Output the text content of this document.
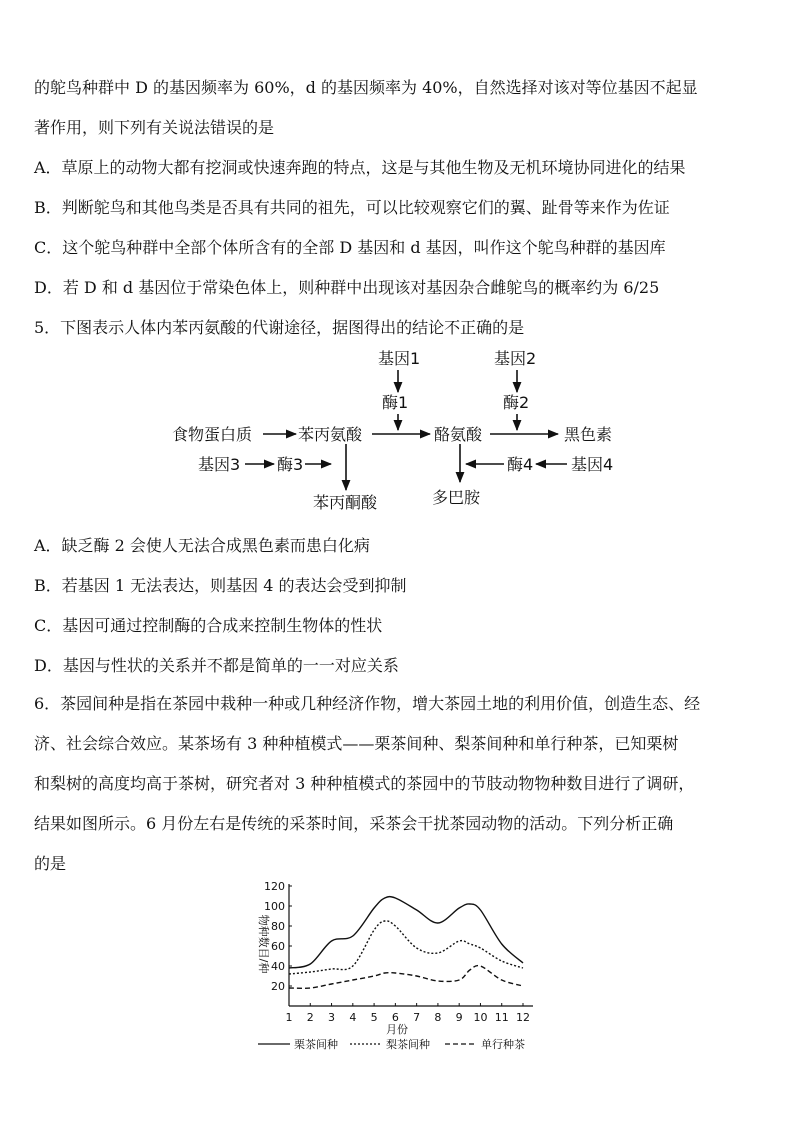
的鸵鸟种群中 D 的基因频率为 60%，d 的基因频率为 40%，自然选择对该对等位基因不起显
著作用，则下列有关说法错误的是
A．草原上的动物大都有挖洞或快速奔跑的特点，这是与其他生物及无机环境协同进化的结果
B．判断鸵鸟和其他鸟类是否具有共同的祖先，可以比较观察它们的翼、趾骨等来作为佐证
C．这个鸵鸟种群中全部个体所含有的全部 D 基因和 d 基因，叫作这个鸵鸟种群的基因库
D．若 D 和 d 基因位于常染色体上，则种群中出现该对基因杂合雌鸵鸟的概率约为 6/25
5．下图表示人体内苯丙氨酸的代谢途径，据图得出的结论不正确的是
基因1	基因2
酶1	酶2
食物蛋白质	苯丙氨酸	酪氨酸	黑色素
基因3 酶3	酶4 基因4
苯丙酮酸	多巴胺
A．缺乏酶 2 会使人无法合成黑色素而患白化病
B．若基因 1 无法表达，则基因 4 的表达会受到抑制
C．基因可通过控制酶的合成来控制生物体的性状
D．基因与性状的关系并不都是简单的一一对应关系
6．茶园间种是指在茶园中栽种一种或几种经济作物，增大茶园土地的利用价值，创造生态、经
济、社会综合效应。某茶场有 3 种种植模式——栗茶间种、梨茶间种和单行种茶，已知栗树
和梨树的高度均高于茶树，研究者对 3 种种植模式的茶园中的节肢动物物种数目进行了调研，
结果如图所示。6 月份左右是传统的采茶时间，采茶会干扰茶园动物的活动。下列分析正确
的是
1 2 3 4 5 6 7 8 9 10 11 12
20
40
60
80
100
120
月份
物种数目/种
栗茶间种	梨茶间种	单行种茶
